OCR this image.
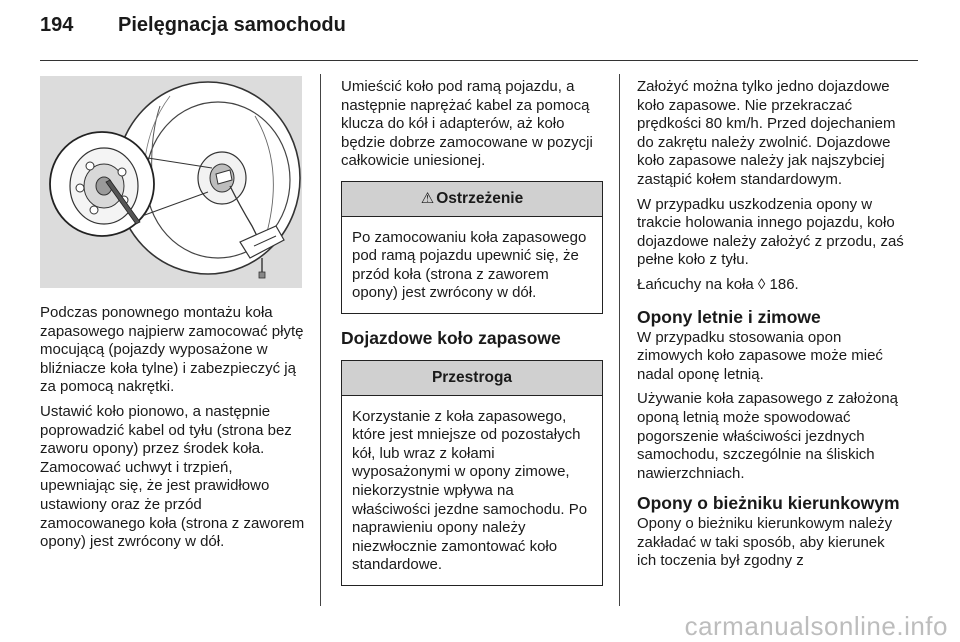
194 Pielęgnacja samochodu

Podczas ponownego montażu koła zapasowego najpierw zamocować płytę mocującą (pojazdy wyposażone w bliźniacze koła tylne) i zabezpieczyć ją za pomocą nakrętki.

Ustawić koło pionowo, a następnie poprowadzić kabel od tyłu (strona bez zaworu opony) przez środek koła. Zamocować uchwyt i trzpień, upewniając się, że jest prawidłowo ustawiony oraz że przód zamocowanego koła (strona z zaworem opony) jest zwrócony w dół.

Umieścić koło pod ramą pojazdu, a następnie naprężać kabel za pomocą klucza do kół i adapterów, aż koło będzie dobrze zamocowane w pozycji całkowicie uniesionej.

⚠ Ostrzeżenie
Po zamocowaniu koła zapasowego pod ramą pojazdu upewnić się, że przód koła (strona z zaworem opony) jest zwrócony w dół.
Dojazdowe koło zapasowe
Przestroga
Korzystanie z koła zapasowego, które jest mniejsze od pozostałych kół, lub wraz z kołami wyposażonymi w opony zimowe, niekorzystnie wpływa na właściwości jezdne samochodu. Po naprawieniu opony należy niezwłocznie zamontować koło standardowe.

Założyć można tylko jedno dojazdowe koło zapasowe. Nie przekraczać prędkości 80 km/h. Przed dojechaniem do zakrętu należy zwolnić. Dojazdowe koło zapasowe należy jak najszybciej zastąpić kołem standardowym.

W przypadku uszkodzenia opony w trakcie holowania innego pojazdu, koło dojazdowe należy założyć z przodu, zaś pełne koło z tyłu.

Łańcuchy na koła ◊ 186.

Opony letnie i zimowe

W przypadku stosowania opon zimowych koło zapasowe może mieć nadal oponę letnią.

Używanie koła zapasowego z założoną oponą letnią może spowodować pogorszenie właściwości jezdnych samochodu, szczególnie na śliskich nawierzchniach.

Opony o bieżniku kierunkowym

Opony o bieżniku kierunkowym należy zakładać w taki sposób, aby kierunek ich toczenia był zgodny z

carmanualsonline.info
